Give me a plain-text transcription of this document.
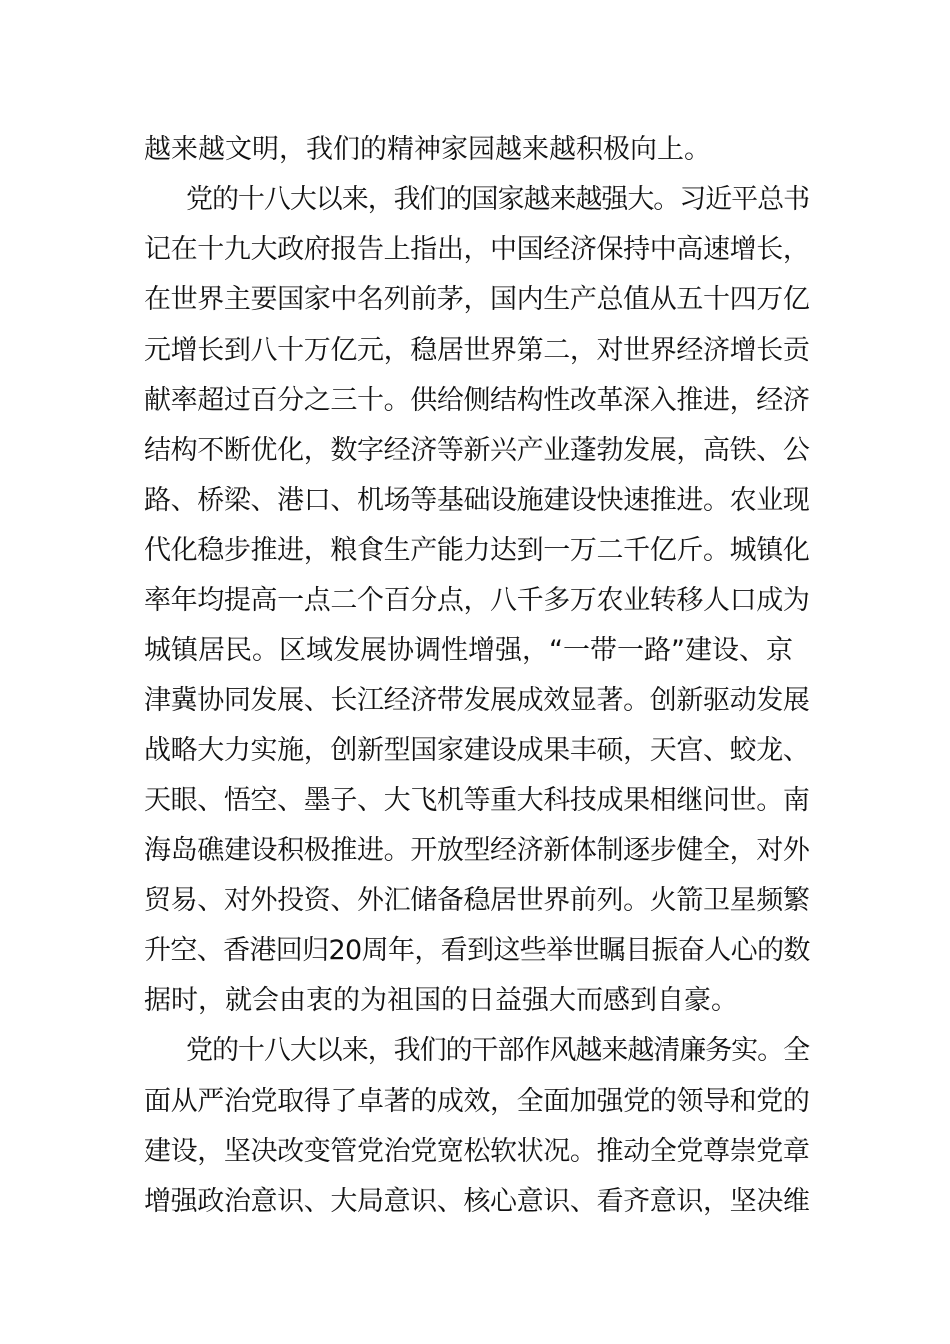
越来越文明，我们的精神家园越来越积极向上。
党的十八大以来，我们的国家越来越强大。习近平总书
记在十九大政府报告上指出，中国经济保持中高速增长，
在世界主要国家中名列前茅，国内生产总值从五十四万亿
元增长到八十万亿元，稳居世界第二，对世界经济增长贡
献率超过百分之三十。供给侧结构性改革深入推进，经济
结构不断优化，数字经济等新兴产业蓬勃发展，高铁、公
路、桥梁、港口、机场等基础设施建设快速推进。农业现
代化稳步推进，粮食生产能力达到一万二千亿斤。城镇化
率年均提高一点二个百分点，八千多万农业转移人口成为
城镇居民。区域发展协调性增强，“一带一路”建设、京
津冀协同发展、长江经济带发展成效显著。创新驱动发展
战略大力实施，创新型国家建设成果丰硕，天宫、蛟龙、
天眼、悟空、墨子、大飞机等重大科技成果相继问世。南
海岛礁建设积极推进。开放型经济新体制逐步健全，对外
贸易、对外投资、外汇储备稳居世界前列。火箭卫星频繁
升空、香港回归20周年，看到这些举世瞩目振奋人心的数
据时，就会由衷的为祖国的日益强大而感到自豪。
党的十八大以来，我们的干部作风越来越清廉务实。全
面从严治党取得了卓著的成效，全面加强党的领导和党的
建设，坚决改变管党治党宽松软状况。推动全党尊崇党章
增强政治意识、大局意识、核心意识、看齐意识，坚决维
